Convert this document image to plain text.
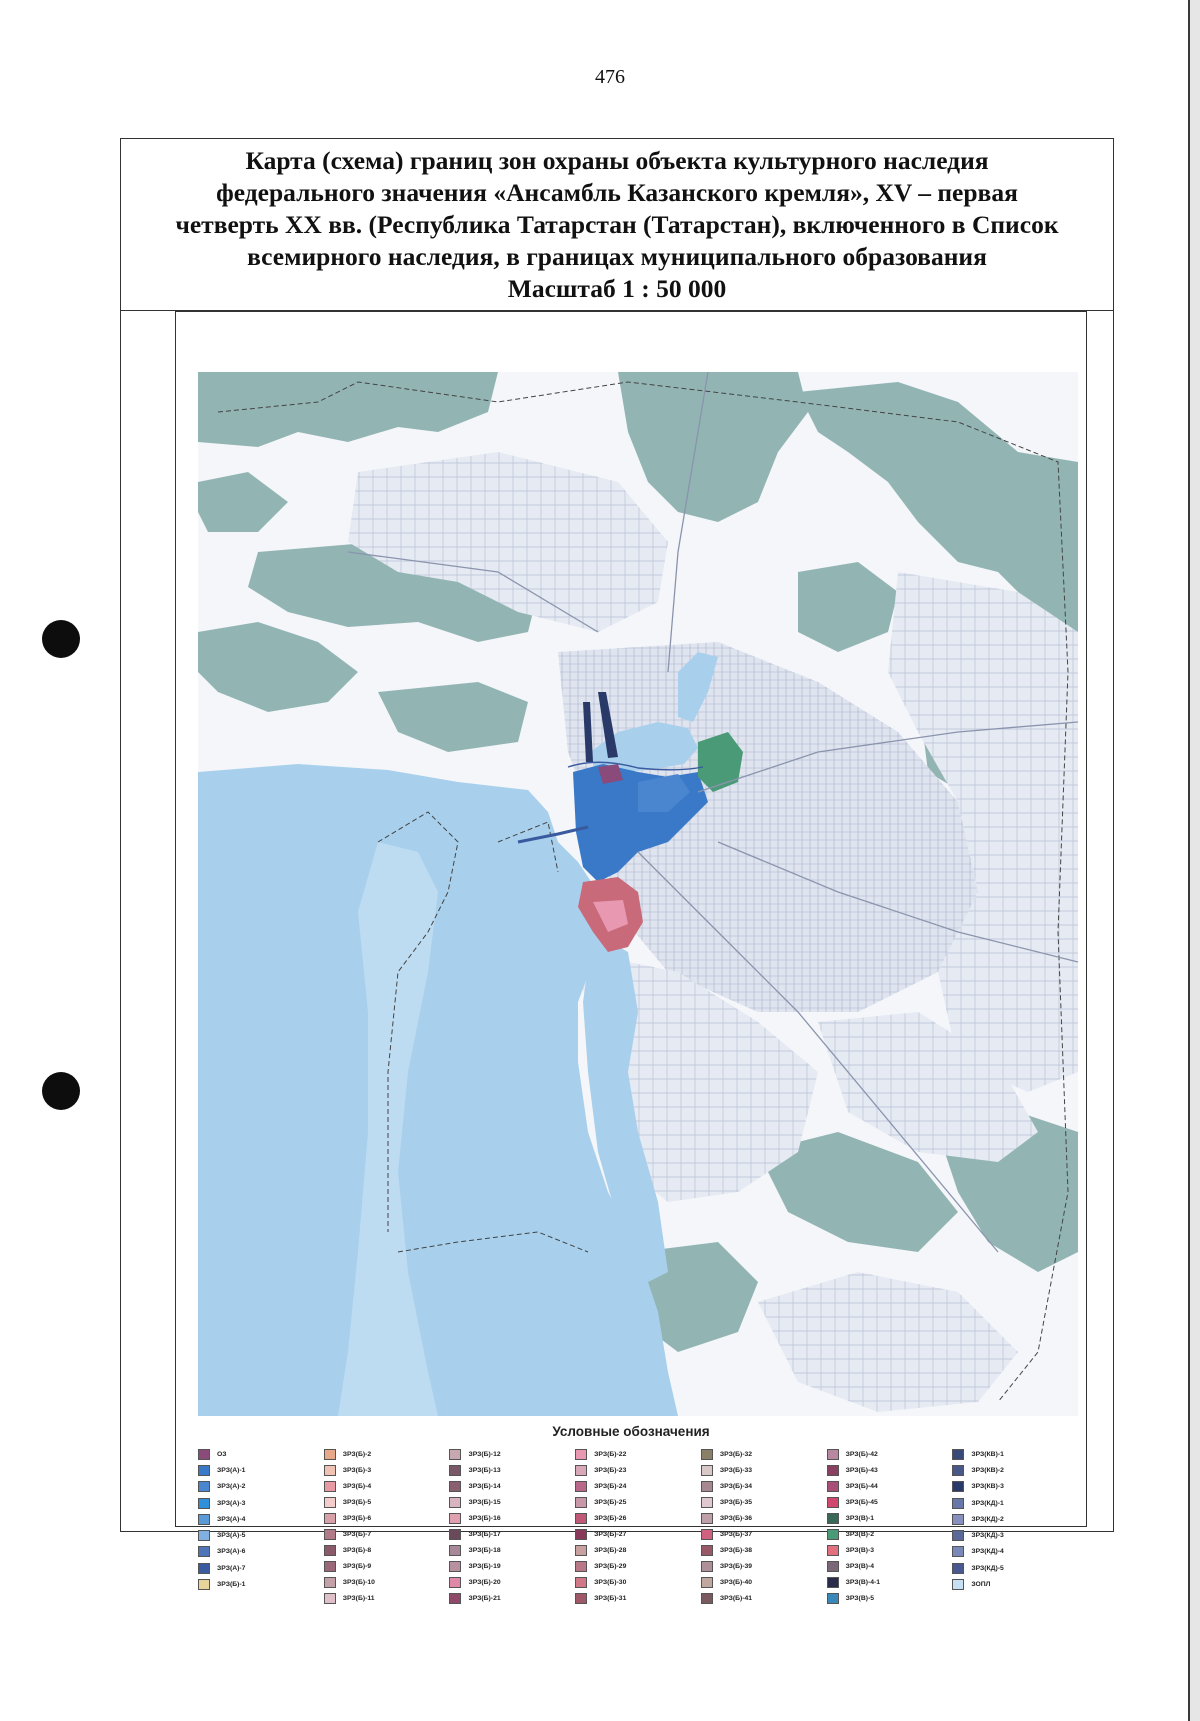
476
Карта (схема) границ зон охраны объекта культурного наследия
федерального значения «Ансамбль Казанского кремля», XV – первая
четверть XX вв. (Республика Татарстан (Татарстан), включенного в Список
всемирного наследия, в границах муниципального образования
Масштаб 1 : 50 000
Условные обозначения
ОЗ
ЗРЗ(А)-1
ЗРЗ(А)-2
ЗРЗ(А)-3
ЗРЗ(А)-4
ЗРЗ(А)-5
ЗРЗ(А)-6
ЗРЗ(А)-7
ЗРЗ(Б)-1
ЗРЗ(Б)-2
ЗРЗ(Б)-3
ЗРЗ(Б)-4
ЗРЗ(Б)-5
ЗРЗ(Б)-6
ЗРЗ(Б)-7
ЗРЗ(Б)-8
ЗРЗ(Б)-9
ЗРЗ(Б)-10
ЗРЗ(Б)-11
ЗРЗ(Б)-12
ЗРЗ(Б)-13
ЗРЗ(Б)-14
ЗРЗ(Б)-15
ЗРЗ(Б)-16
ЗРЗ(Б)-17
ЗРЗ(Б)-18
ЗРЗ(Б)-19
ЗРЗ(Б)-20
ЗРЗ(Б)-21
ЗРЗ(Б)-22
ЗРЗ(Б)-23
ЗРЗ(Б)-24
ЗРЗ(Б)-25
ЗРЗ(Б)-26
ЗРЗ(Б)-27
ЗРЗ(Б)-28
ЗРЗ(Б)-29
ЗРЗ(Б)-30
ЗРЗ(Б)-31
ЗРЗ(Б)-32
ЗРЗ(Б)-33
ЗРЗ(Б)-34
ЗРЗ(Б)-35
ЗРЗ(Б)-36
ЗРЗ(Б)-37
ЗРЗ(Б)-38
ЗРЗ(Б)-39
ЗРЗ(Б)-40
ЗРЗ(Б)-41
ЗРЗ(Б)-42
ЗРЗ(Б)-43
ЗРЗ(Б)-44
ЗРЗ(Б)-45
ЗРЗ(В)-1
ЗРЗ(В)-2
ЗРЗ(В)-3
ЗРЗ(В)-4
ЗРЗ(В)-4-1
ЗРЗ(В)-5
ЗРЗ(КВ)-1
ЗРЗ(КВ)-2
ЗРЗ(КВ)-3
ЗРЗ(КД)-1
ЗРЗ(КД)-2
ЗРЗ(КД)-3
ЗРЗ(КД)-4
ЗРЗ(КД)-5
ЗОПЛ
